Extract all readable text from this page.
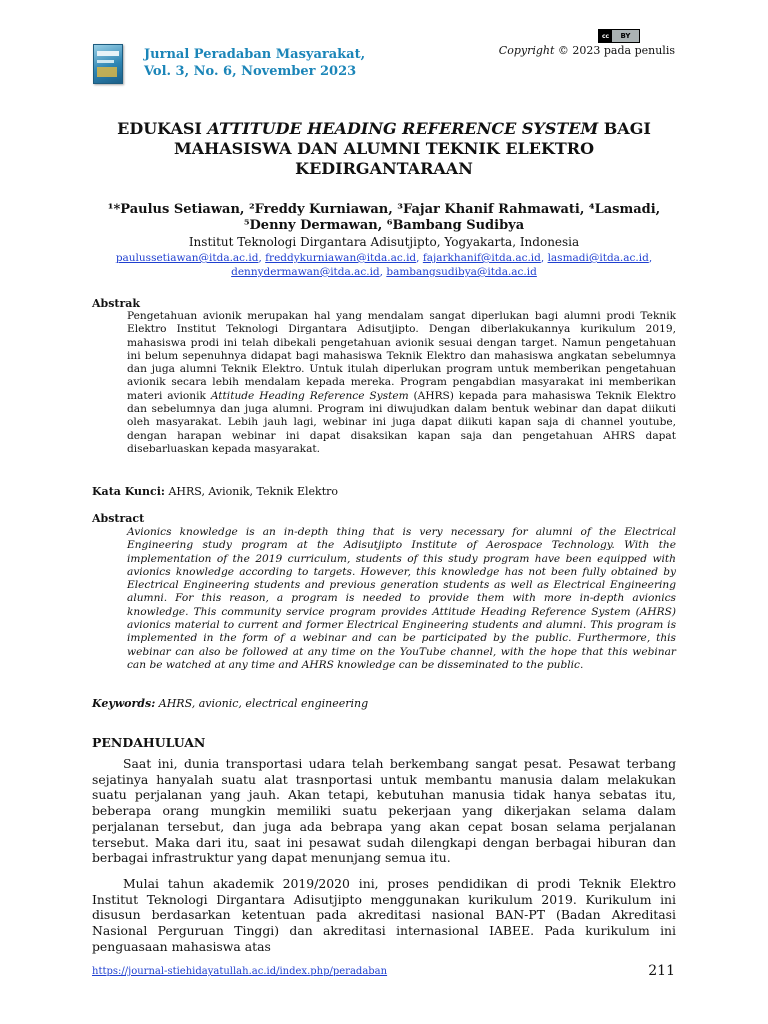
Jurnal Peradaban Masyarakat,
Vol. 3, No. 6, November 2023
cc	BY
Copyright © 2023 pada penulis
EDUKASI ATTITUDE HEADING REFERENCE SYSTEM BAGI MAHASISWA DAN ALUMNI TEKNIK ELEKTRO KEDIRGANTARAAN
¹*Paulus Setiawan, ²Freddy Kurniawan, ³Fajar Khanif Rahmawati, ⁴Lasmadi,
⁵Denny Dermawan, ⁶Bambang Sudibya
Institut Teknologi Dirgantara Adisutjipto, Yogyakarta, Indonesia
paulussetiawan@itda.ac.id, freddykurniawan@itda.ac.id, fajarkhanif@itda.ac.id, lasmadi@itda.ac.id,
dennydermawan@itda.ac.id, bambangsudibya@itda.ac.id
Abstrak
Pengetahuan avionik merupakan hal yang mendalam sangat diperlukan bagi alumni prodi Teknik Elektro Institut Teknologi Dirgantara Adisutjipto. Dengan diberlakukannya kurikulum 2019, mahasiswa prodi ini telah dibekali pengetahuan avionik sesuai dengan target. Namun pengetahuan ini belum sepenuhnya didapat bagi mahasiswa Teknik Elektro dan mahasiswa angkatan sebelumnya dan juga alumni Teknik Elektro. Untuk itulah diperlukan program untuk memberikan pengetahuan avionik secara lebih mendalam kepada mereka. Program pengabdian masyarakat ini memberikan materi avionik Attitude Heading Reference System (AHRS) kepada para mahasiswa Teknik Elektro dan sebelumnya dan juga alumni. Program ini diwujudkan dalam bentuk webinar dan dapat diikuti oleh masyarakat. Lebih jauh lagi, webinar ini juga dapat diikuti kapan saja di channel youtube, dengan harapan webinar ini dapat disaksikan kapan saja dan pengetahuan AHRS dapat disebarluaskan kepada masyarakat.
Kata Kunci: AHRS, Avionik, Teknik Elektro
Abstract
Avionics knowledge is an in-depth thing that is very necessary for alumni of the Electrical Engineering study program at the Adisutjipto Institute of Aerospace Technology. With the implementation of the 2019 curriculum, students of this study program have been equipped with avionics knowledge according to targets. However, this knowledge has not been fully obtained by Electrical Engineering students and previous generation students as well as Electrical Engineering alumni. For this reason, a program is needed to provide them with more in-depth avionics knowledge. This community service program provides Attitude Heading Reference System (AHRS) avionics material to current and former Electrical Engineering students and alumni. This program is implemented in the form of a webinar and can be participated by the public. Furthermore, this webinar can also be followed at any time on the YouTube channel, with the hope that this webinar can be watched at any time and AHRS knowledge can be disseminated to the public.
Keywords: AHRS, avionic, electrical engineering
PENDAHULUAN
Saat ini, dunia transportasi udara telah berkembang sangat pesat. Pesawat terbang sejatinya hanyalah suatu alat trasnportasi untuk membantu manusia dalam melakukan suatu perjalanan yang jauh. Akan tetapi, kebutuhan manusia tidak hanya sebatas itu, beberapa orang mungkin memiliki suatu pekerjaan yang dikerjakan selama dalam perjalanan tersebut, dan juga ada bebrapa yang akan cepat bosan selama perjalanan tersebut. Maka dari itu, saat ini pesawat sudah dilengkapi dengan berbagai hiburan dan berbagai infrastruktur yang dapat menunjang semua itu.
Mulai tahun akademik 2019/2020 ini, proses pendidikan di prodi Teknik Elektro Institut Teknologi Dirgantara Adisutjipto menggunakan kurikulum 2019. Kurikulum ini disusun berdasarkan ketentuan pada akreditasi nasional BAN-PT (Badan Akreditasi Nasional Perguruan Tinggi) dan akreditasi internasional IABEE. Pada kurikulum ini penguasaan mahasiswa atas
https://journal-stiehidayatullah.ac.id/index.php/peradaban	211
